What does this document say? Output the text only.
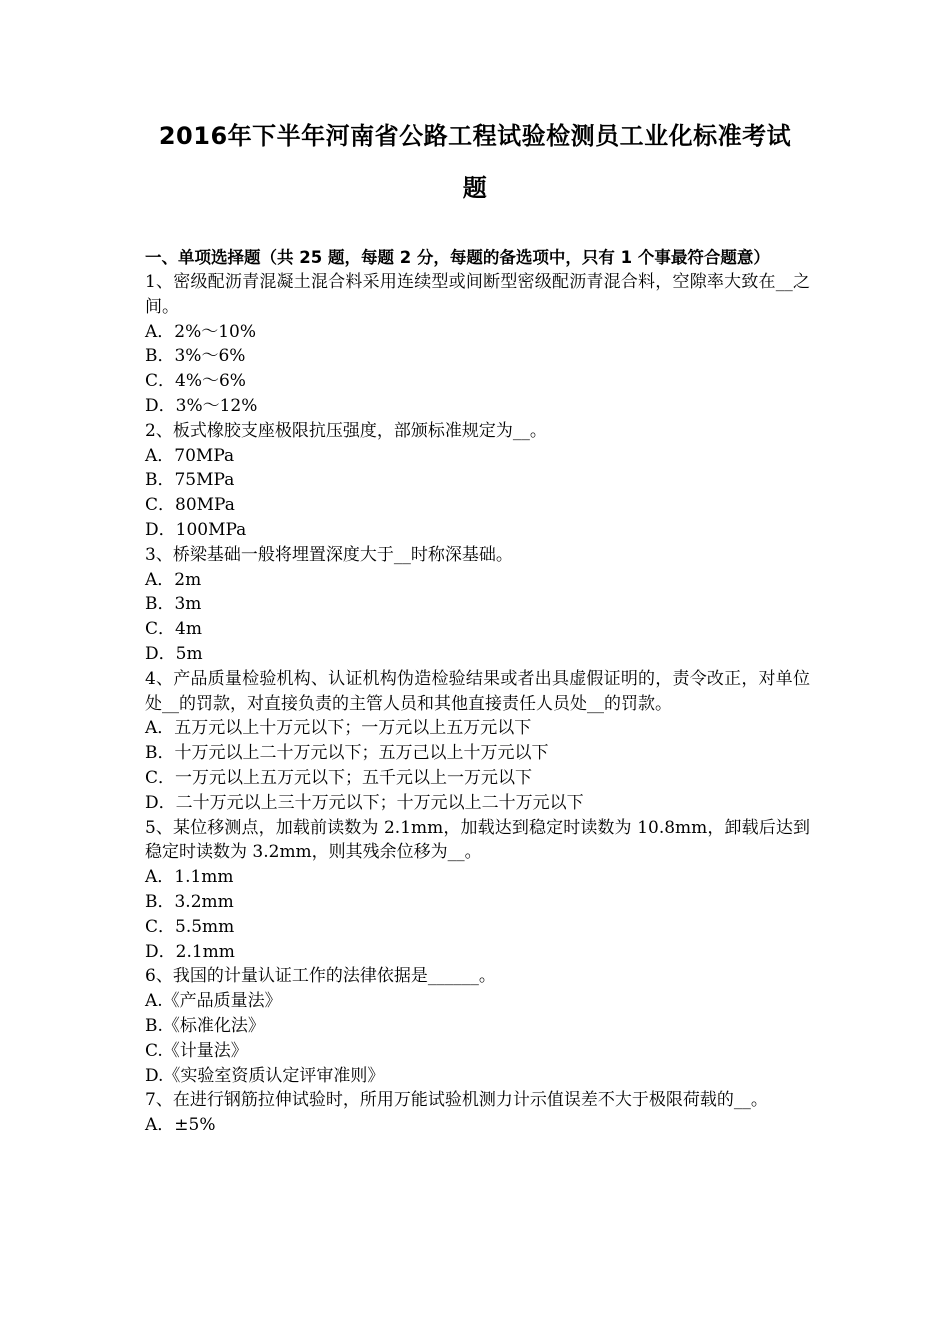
2016年下半年河南省公路工程试验检测员工业化标准考试
题

一、单项选择题（共 25 题，每题 2 分，每题的备选项中，只有 1 个事最符合题意）

1、密级配沥青混凝土混合料采用连续型或间断型密级配沥青混合料，空隙率大致在__之间。

A．2%～10%
B．3%～6%
C．4%～6%
D．3%～12%

2、板式橡胶支座极限抗压强度，部颁标准规定为__。

A．70MPa
B．75MPa
C．80MPa
D．100MPa

3、桥梁基础一般将埋置深度大于__时称深基础。

A．2m
B．3m
C．4m
D．5m

4、产品质量检验机构、认证机构伪造检验结果或者出具虚假证明的，责令改正，对单位处__的罚款，对直接负责的主管人员和其他直接责任人员处__的罚款。

A．五万元以上十万元以下；一万元以上五万元以下
B．十万元以上二十万元以下；五万己以上十万元以下
C．一万元以上五万元以下；五千元以上一万元以下
D．二十万元以上三十万元以下；十万元以上二十万元以下

5、某位移测点，加载前读数为 2.1mm，加载达到稳定时读数为 10.8mm，卸载后达到稳定时读数为 3.2mm，则其残余位移为__。

A．1.1mm
B．3.2mm
C．5.5mm
D．2.1mm

6、我国的计量认证工作的法律依据是______。

A.《产品质量法》
B.《标准化法》
C.《计量法》
D.《实验室资质认定评审准则》

7、在进行钢筋拉伸试验时，所用万能试验机测力计示值误差不大于极限荷载的__。

A．±5%
